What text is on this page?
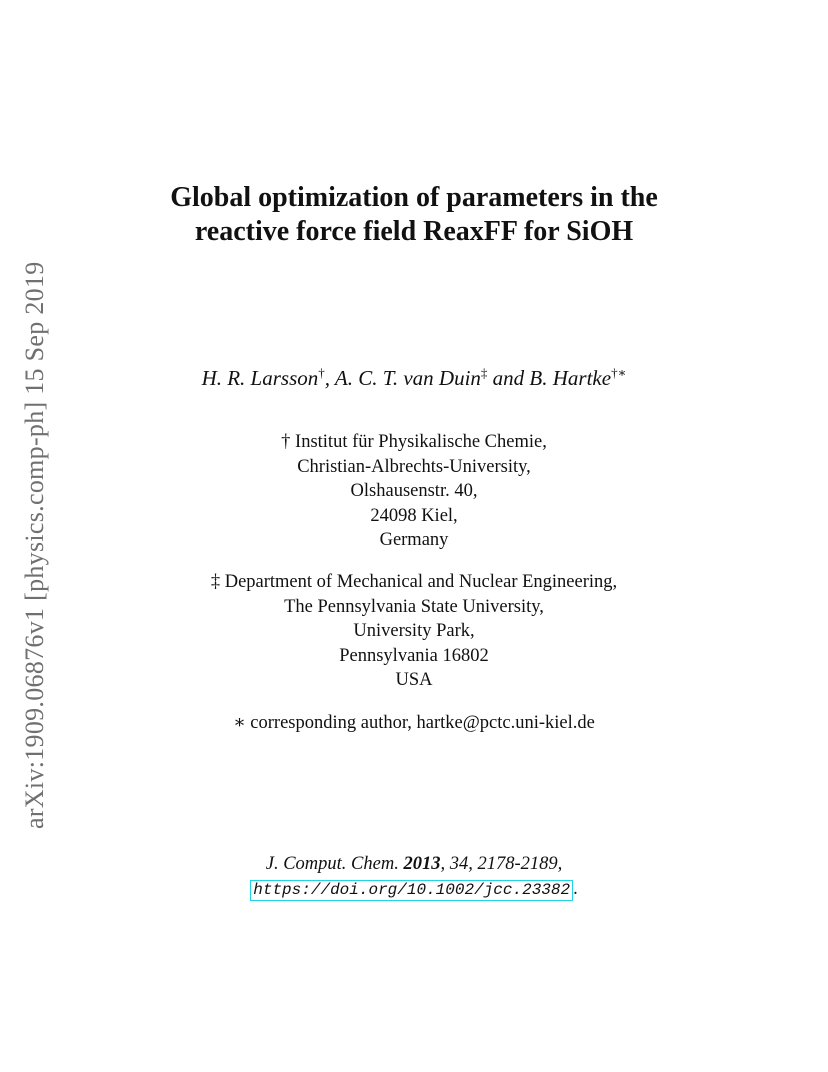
arXiv:1909.06876v1 [physics.comp-ph] 15 Sep 2019
Global optimization of parameters in the
reactive force field ReaxFF for SiOH
H. R. Larsson†, A. C. T. van Duin‡ and B. Hartke†∗
† Institut für Physikalische Chemie,
Christian-Albrechts-University,
Olshausenstr. 40,
24098 Kiel,
Germany
‡ Department of Mechanical and Nuclear Engineering,
The Pennsylvania State University,
University Park,
Pennsylvania 16802
USA
∗ corresponding author, hartke@pctc.uni-kiel.de
J. Comput. Chem. 2013, 34, 2178-2189,
https://doi.org/10.1002/jcc.23382 .
